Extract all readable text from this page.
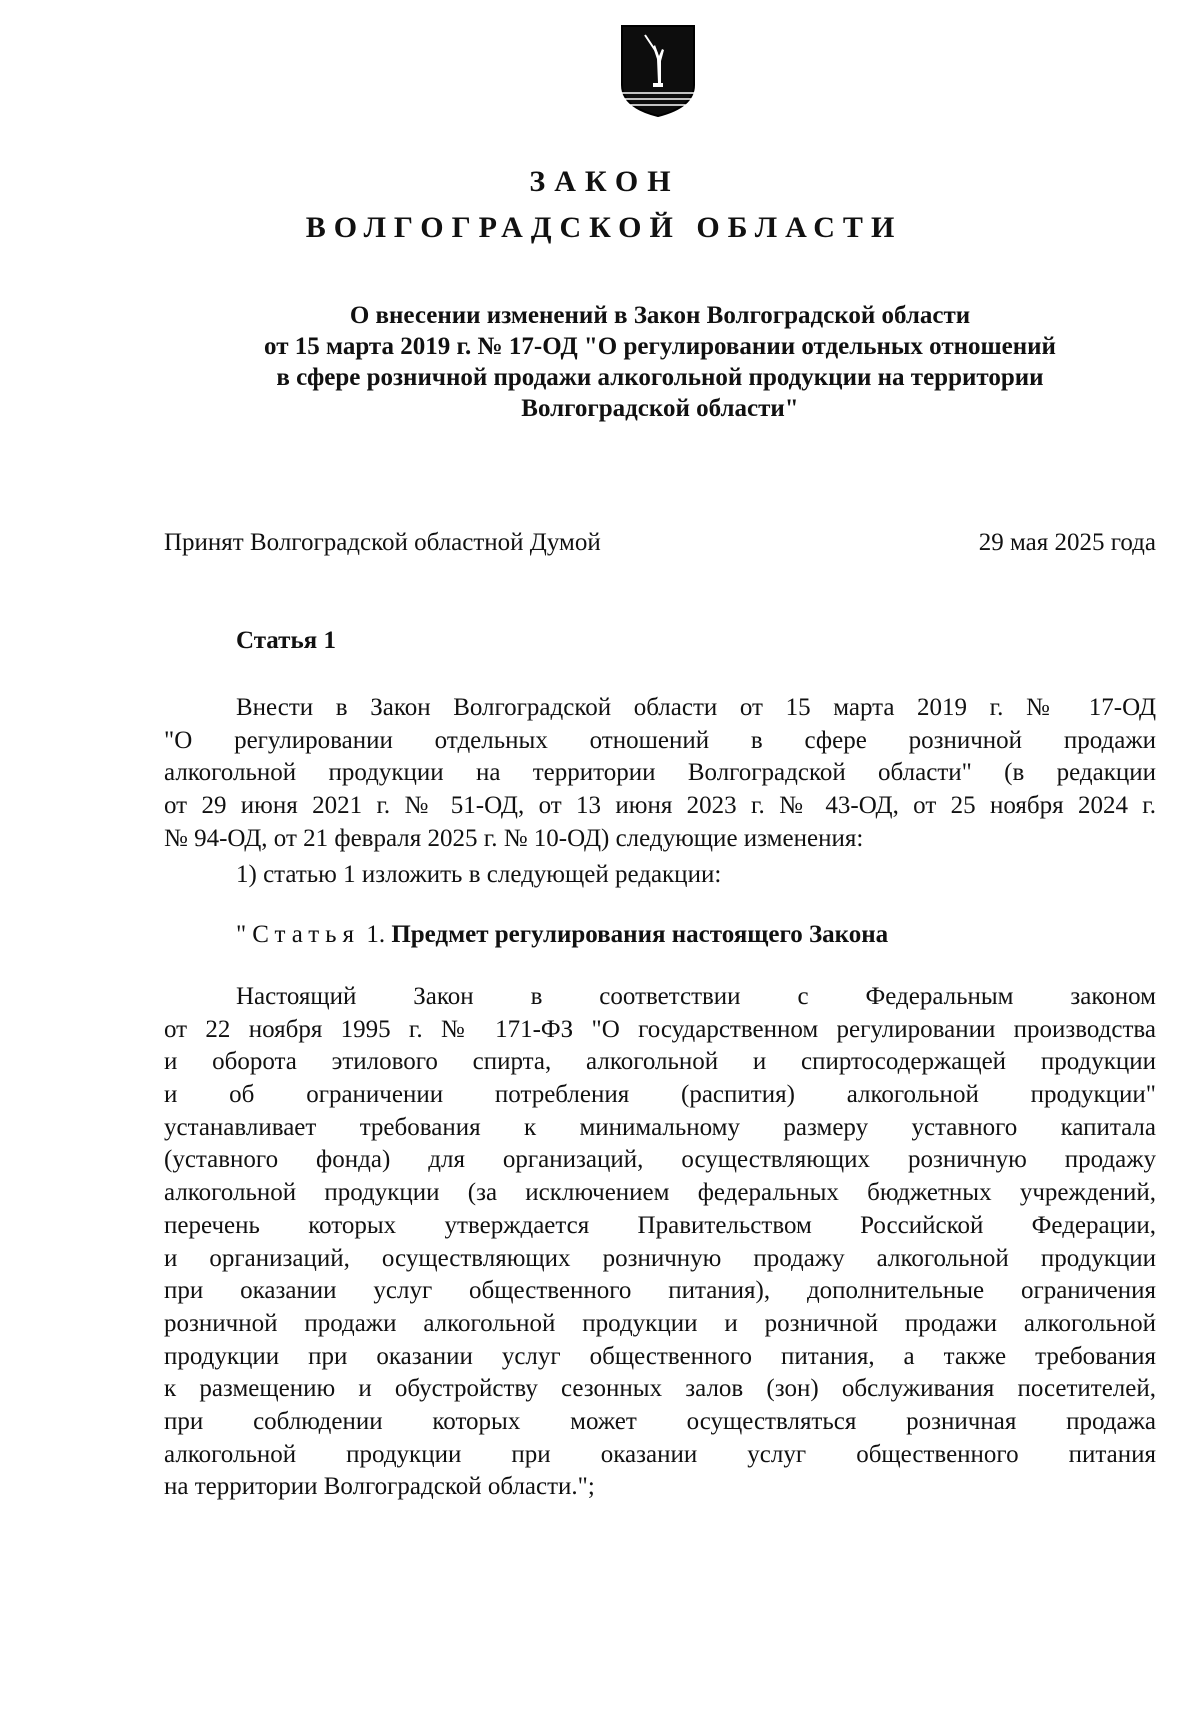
ЗАКОН
ВОЛГОГРАДСКОЙ ОБЛАСТИ
О внесении изменений в Закон Волгоградской области
от 15 марта 2019 г. № 17-ОД "О регулировании отдельных отношений
в сфере розничной продажи алкогольной продукции на территории
Волгоградской области"
Принят Волгоградской областной Думой	29 мая 2025 года
Статья 1
Внести в Закон Волгоградской области от 15 марта 2019 г. № 17-ОД
"О регулировании отдельных отношений в сфере розничной продажи
алкогольной продукции на территории Волгоградской области" (в редакции
от 29 июня 2021 г. № 51-ОД, от 13 июня 2023 г. № 43-ОД, от 25 ноября 2024 г.
№ 94-ОД, от 21 февраля 2025 г. № 10-ОД) следующие изменения:
1) статью 1 изложить в следующей редакции:
"Статья 1. Предмет регулирования настоящего Закона
Настоящий Закон в соответствии с Федеральным законом
от 22 ноября 1995 г. № 171-ФЗ "О государственном регулировании производства
и оборота этилового спирта, алкогольной и спиртосодержащей продукции
и об ограничении потребления (распития) алкогольной продукции"
устанавливает требования к минимальному размеру уставного капитала
(уставного фонда) для организаций, осуществляющих розничную продажу
алкогольной продукции (за исключением федеральных бюджетных учреждений,
перечень которых утверждается Правительством Российской Федерации,
и организаций, осуществляющих розничную продажу алкогольной продукции
при оказании услуг общественного питания), дополнительные ограничения
розничной продажи алкогольной продукции и розничной продажи алкогольной
продукции при оказании услуг общественного питания, а также требования
к размещению и обустройству сезонных залов (зон) обслуживания посетителей,
при соблюдении которых может осуществляться розничная продажа
алкогольной продукции при оказании услуг общественного питания
на территории Волгоградской области.";
